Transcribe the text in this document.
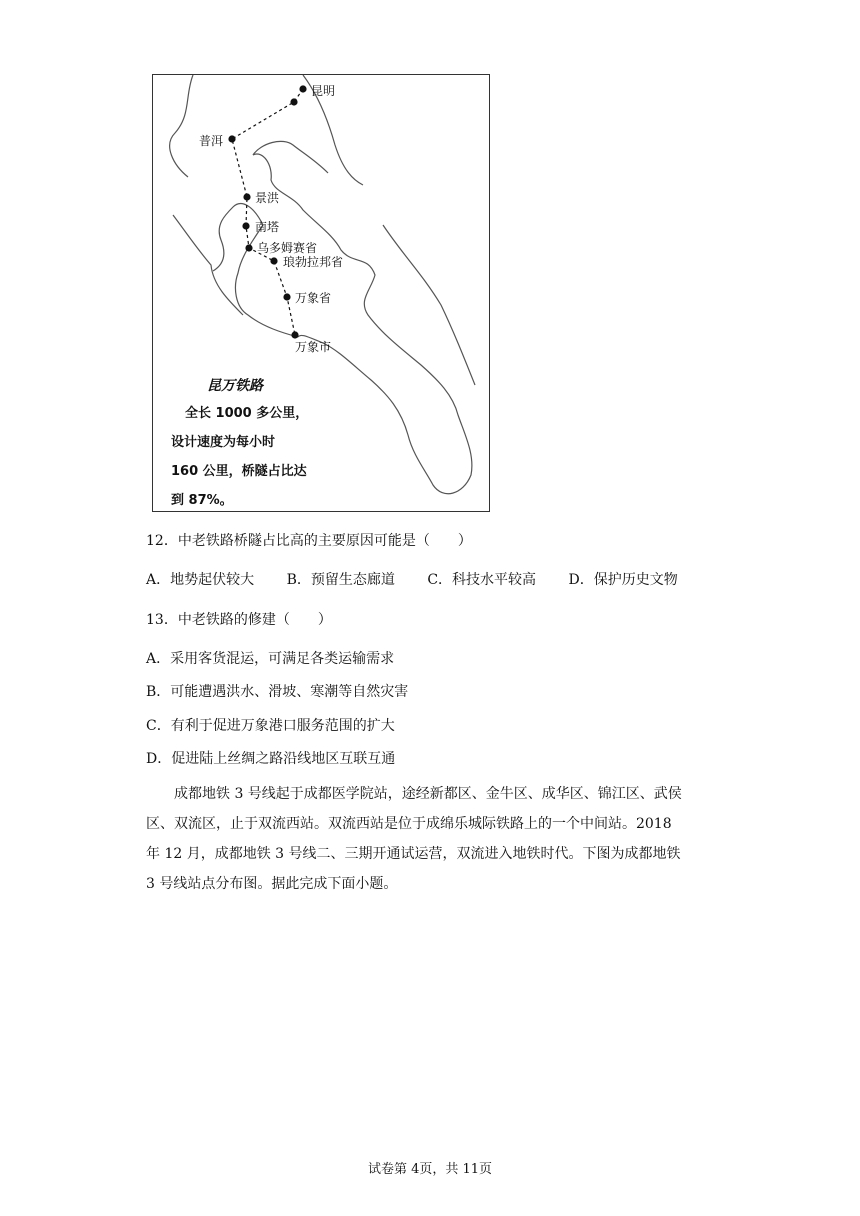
昆明
普洱
景洪
南塔
乌多姆赛省
琅勃拉邦省
万象省
万象市
昆万铁路
全长 1000 多公里，
设计速度为每小时
160 公里，桥隧占比达
到 87%。
12．中老铁路桥隧占比高的主要原因可能是（　　）
A．地势起伏较大 B．预留生态廊道 C．科技水平较高 D．保护历史文物
13．中老铁路的修建（　　）
A．采用客货混运，可满足各类运输需求
B．可能遭遇洪水、滑坡、寒潮等自然灾害
C．有利于促进万象港口服务范围的扩大
D．促进陆上丝绸之路沿线地区互联互通
成都地铁 3 号线起于成都医学院站，途经新都区、金牛区、成华区、锦江区、武侯
区、双流区，止于双流西站。双流西站是位于成绵乐城际铁路上的一个中间站。2018
年 12 月，成都地铁 3 号线二、三期开通试运营，双流进入地铁时代。下图为成都地铁
3 号线站点分布图。据此完成下面小题。
试卷第 4页，共 11页
